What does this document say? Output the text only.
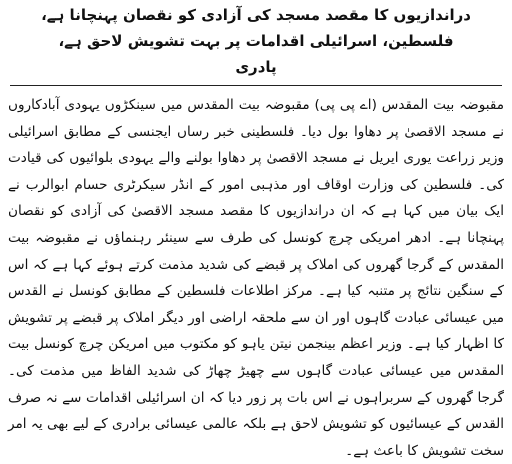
دراندازیوں کا مقصد مسجد کی آزادی کو نقصان پہنچانا ہے، فلسطین، اسرائیلی اقدامات پر بہت تشویش لاحق ہے،

پادری

مقبوضہ بیت المقدس (اے پی پی) مقبوضہ بیت المقدس میں سینکڑوں یہودی آبادکاروں نے مسجد الاقصیٰ پر دھاوا بول دیا۔ فلسطینی خبر رساں ایجنسی کے مطابق اسرائیلی وزیر زراعت یوری ایریل نے مسجد الاقصیٰ پر دھاوا بولنے والے یہودی بلوائیوں کی قیادت کی۔ فلسطین کی وزارت اوقاف اور مذہبی امور کے انڈر سیکرٹری حسام ابوالرب نے ایک بیان میں کہا ہے کہ ان دراندازیوں کا مقصد مسجد الاقصیٰ کی آزادی کو نقصان پہنچانا ہے۔ ادھر امریکی چرچ کونسل کی طرف سے سینئر رہنماؤں نے مقبوضہ بیت المقدس کے گرجا گھروں کی املاک پر قبضے کی شدید مذمت کرتے ہوئے کہا ہے کہ اس کے سنگین نتائج پر متنبہ کیا ہے۔ مرکز اطلاعات فلسطین کے مطابق کونسل نے القدس میں عیسائی عبادت گاہوں اور ان سے ملحقہ اراضی اور دیگر املاک پر قبضے پر تشویش کا اظہار کیا ہے۔ وزیر اعظم بینجمن نیتن یاہو کو مکتوب میں امریکن چرچ کونسل بیت المقدس میں عیسائی عبادت گاہوں سے چھیڑ چھاڑ کی شدید الفاظ میں مذمت کی۔ گرجا گھروں کے سربراہوں نے اس بات پر زور دیا کہ ان اسرائیلی اقدامات سے نہ صرف القدس کے عیسائیوں کو تشویش لاحق ہے بلکہ عالمی عیسائی برادری کے لیے بھی یہ امر سخت تشویش کا باعث ہے۔
